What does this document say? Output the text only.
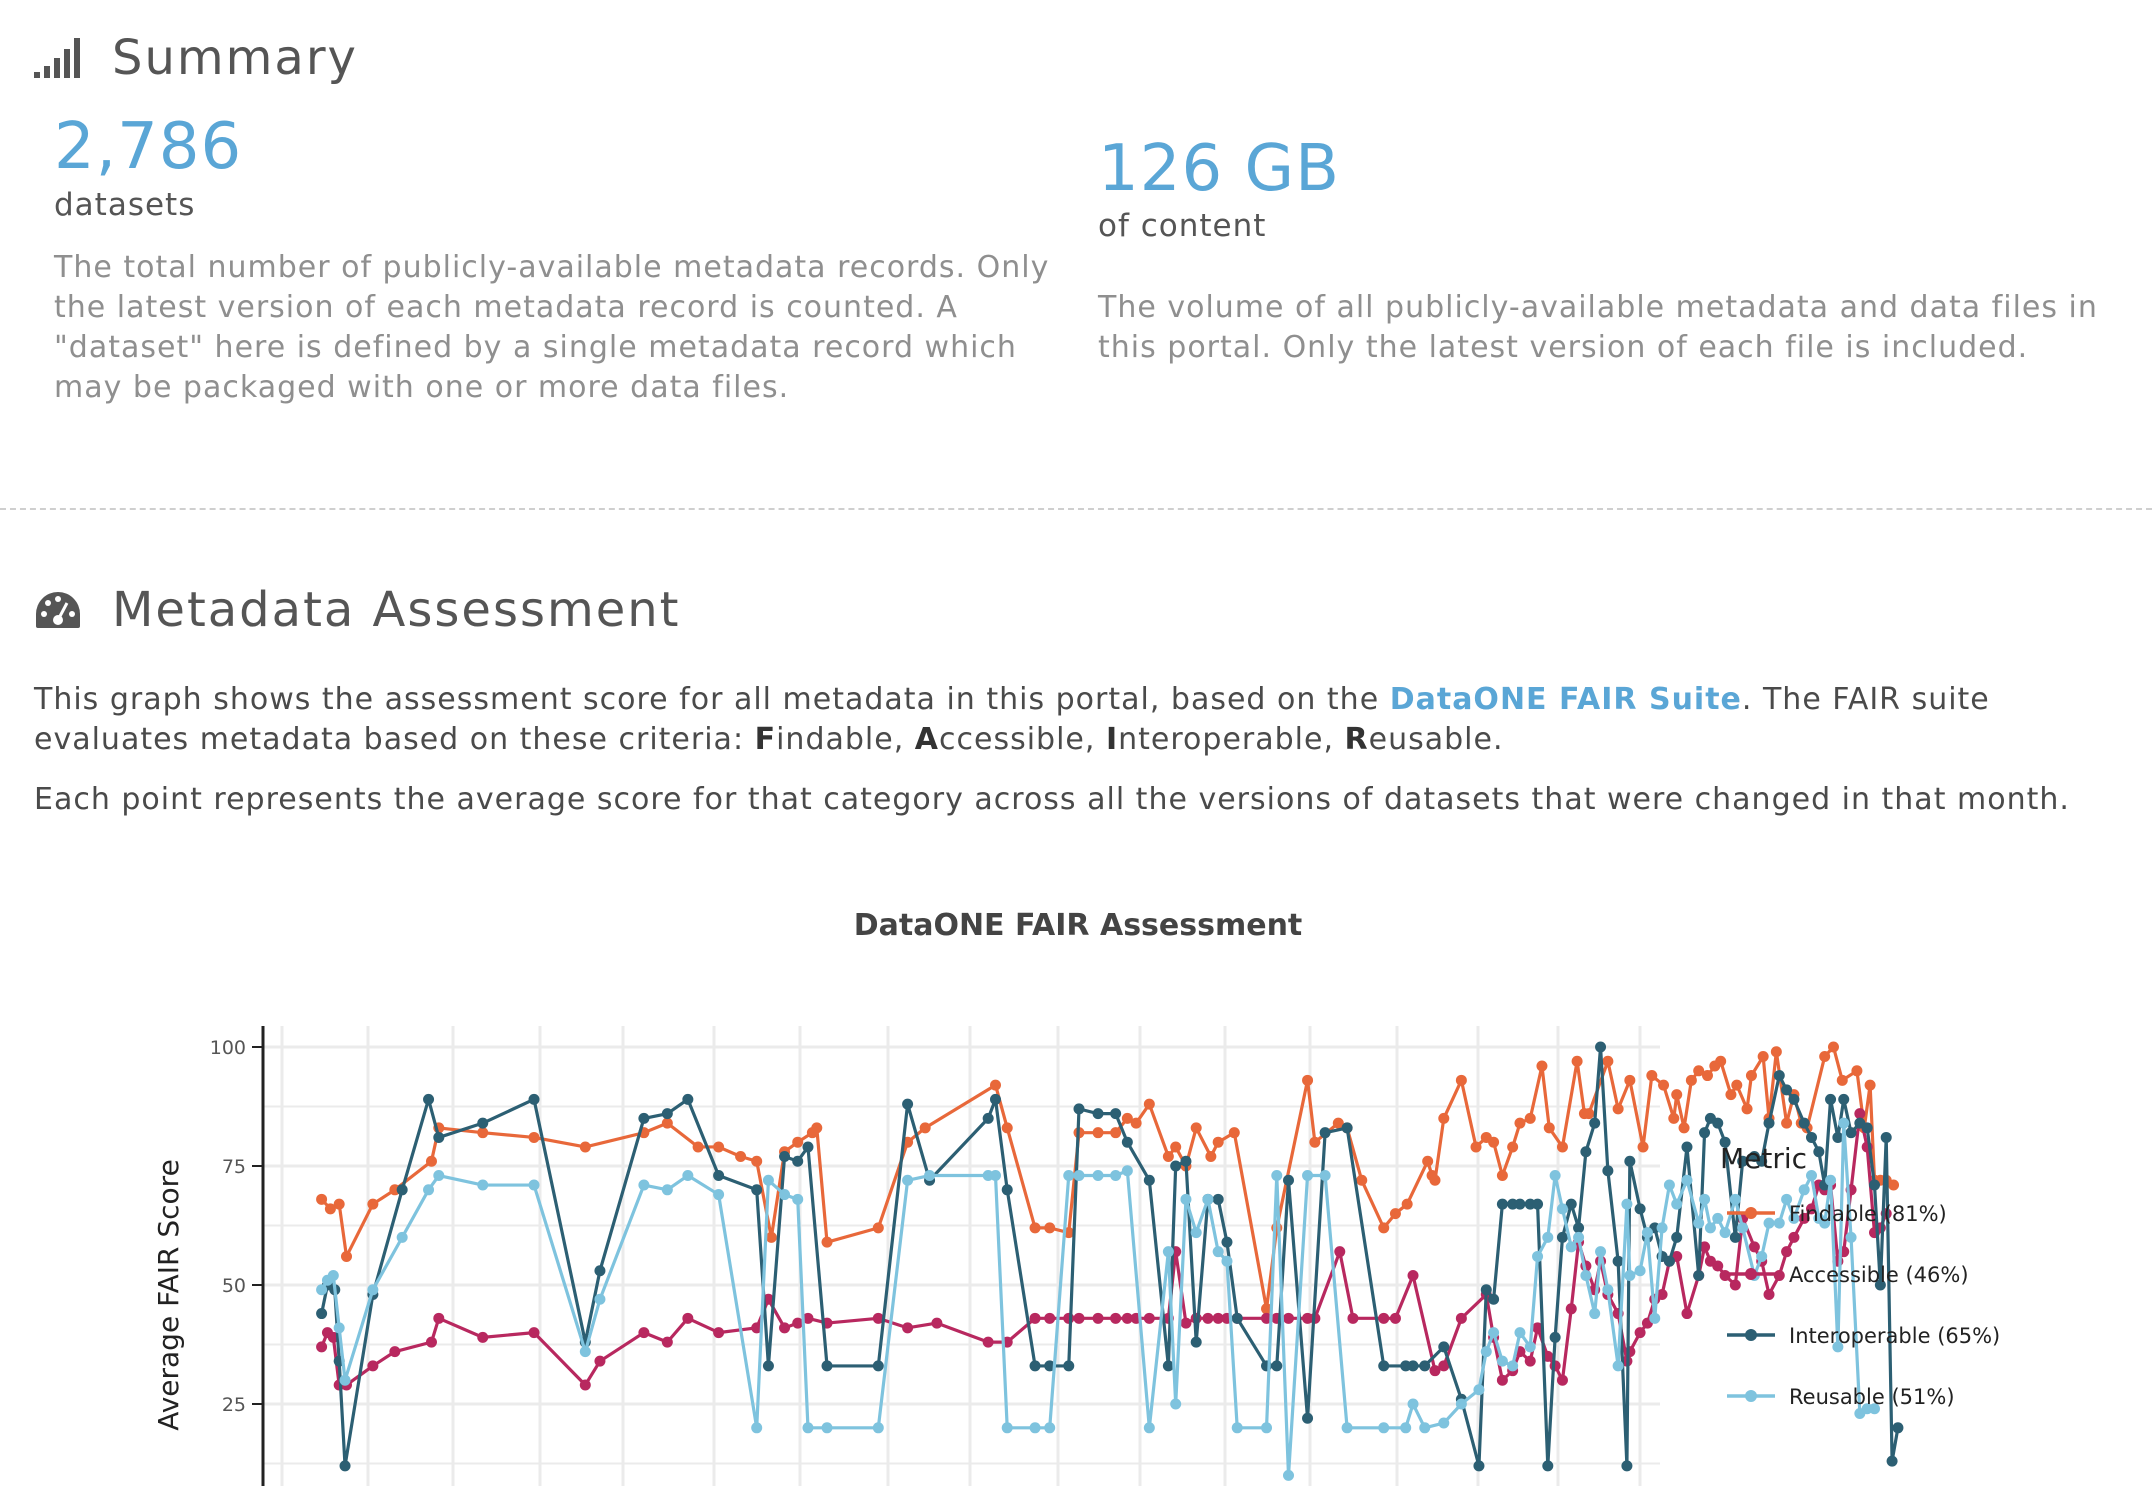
Summary
2,786
datasets
The total number of publicly-available metadata records. Only the latest version of each metadata record is counted. A "dataset" here is defined by a single metadata record which may be packaged with one or more data files.
126 GB
of content
The volume of all publicly-available metadata and data files in this portal. Only the latest version of each file is included.
Metadata Assessment
This graph shows the assessment score for all metadata in this portal, based on the DataONE FAIR Suite. The FAIR suite evaluates metadata based on these criteria: Findable, Accessible, Interoperable, Reusable.
Each point represents the average score for that category across all the versions of datasets that were changed in that month.
DataONE FAIR Assessment
25
50
75
100
Average FAIR Score
Metric
Findable (81%)
Accessible (46%)
Interoperable (65%)
Reusable (51%)
